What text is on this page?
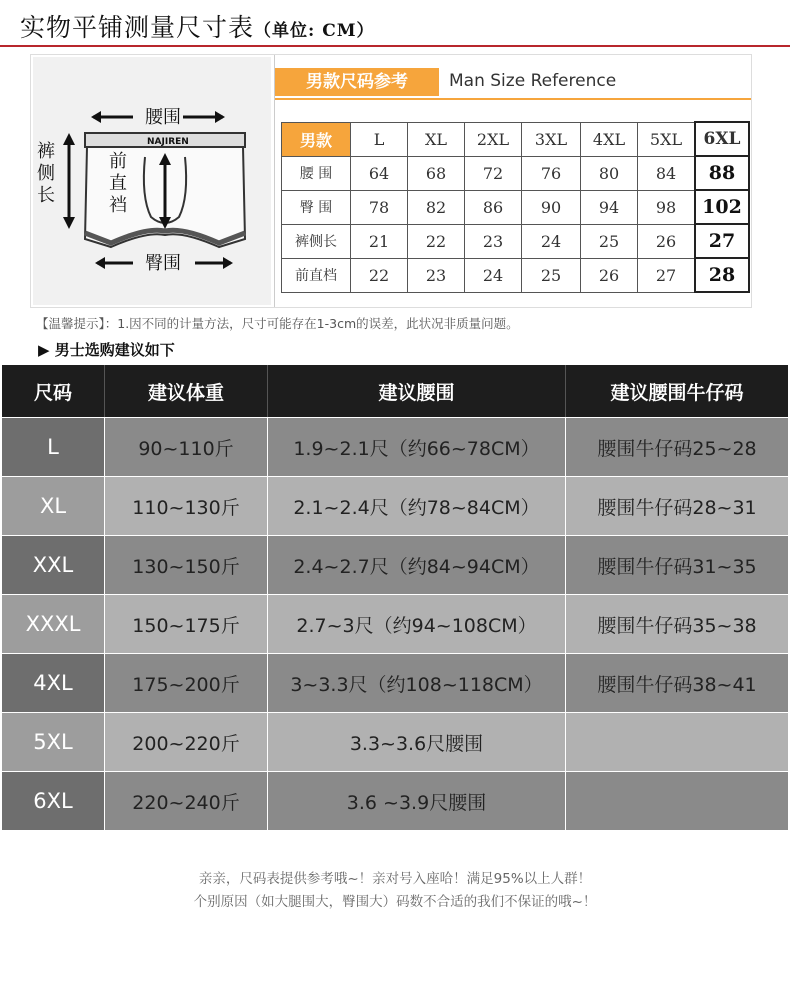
实物平铺测量尺寸表（单位: CM）
腰围
裤
侧
长
NAJIREN
前
直
裆
臀围
男款尺码参考	Man Size Reference
男款	L	XL	2XL	3XL	4XL	5XL	6XL
腰 围	64	68	72	76	80	84	88
臀 围	78	82	86	90	94	98	102
裤侧长	21	22	23	24	25	26	27
前直档	22	23	24	25	26	27	28
【温馨提示】：1.因不同的计量方法，尺寸可能存在1-3cm的误差，此状况非质量问题。
▶ 男士选购建议如下
尺码	建议体重	建议腰围	建议腰围牛仔码
L	90~110斤	1.9~2.1尺（约66~78CM）	腰围牛仔码25~28
XL	110~130斤	2.1~2.4尺（约78~84CM）	腰围牛仔码28~31
XXL	130~150斤	2.4~2.7尺（约84~94CM）	腰围牛仔码31~35
XXXL	150~175斤	2.7~3尺（约94~108CM）	腰围牛仔码35~38
4XL	175~200斤	3~3.3尺（约108~118CM）	腰围牛仔码38~41
5XL	200~220斤	3.3~3.6尺腰围
6XL	220~240斤	3.6 ~3.9尺腰围
亲亲，尺码表提供参考哦~！亲对号入座哈！满足95%以上人群！
个别原因（如大腿围大，臀围大）码数不合适的我们不保证的哦~！
